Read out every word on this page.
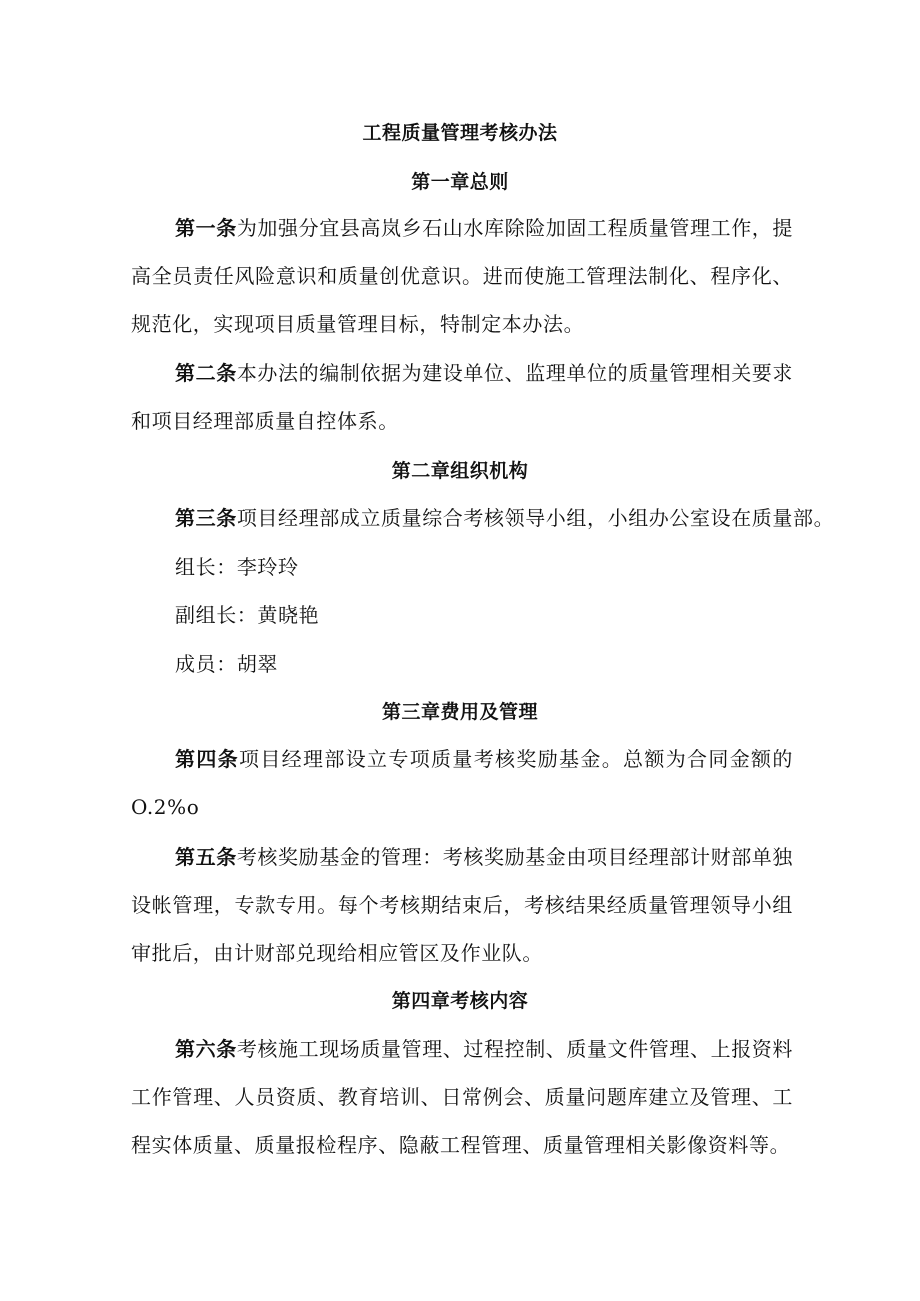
工程质量管理考核办法
第一章总则
第一条为加强分宜县高岚乡石山水库除险加固工程质量管理工作，提高全员责任风险意识和质量创优意识。进而使施工管理法制化、程序化、规范化，实现项目质量管理目标，特制定本办法。
第二条本办法的编制依据为建设单位、监理单位的质量管理相关要求和项目经理部质量自控体系。
第二章组织机构
第三条项目经理部成立质量综合考核领导小组，小组办公室设在质量部。
组长：李玲玲
副组长：黄晓艳
成员：胡翠
第三章费用及管理
第四条项目经理部设立专项质量考核奖励基金。总额为合同金额的O.2%o
第五条考核奖励基金的管理：考核奖励基金由项目经理部计财部单独设帐管理，专款专用。每个考核期结束后，考核结果经质量管理领导小组审批后，由计财部兑现给相应管区及作业队。
第四章考核内容
第六条考核施工现场质量管理、过程控制、质量文件管理、上报资料工作管理、人员资质、教育培训、日常例会、质量问题库建立及管理、工程实体质量、质量报检程序、隐蔽工程管理、质量管理相关影像资料等。
